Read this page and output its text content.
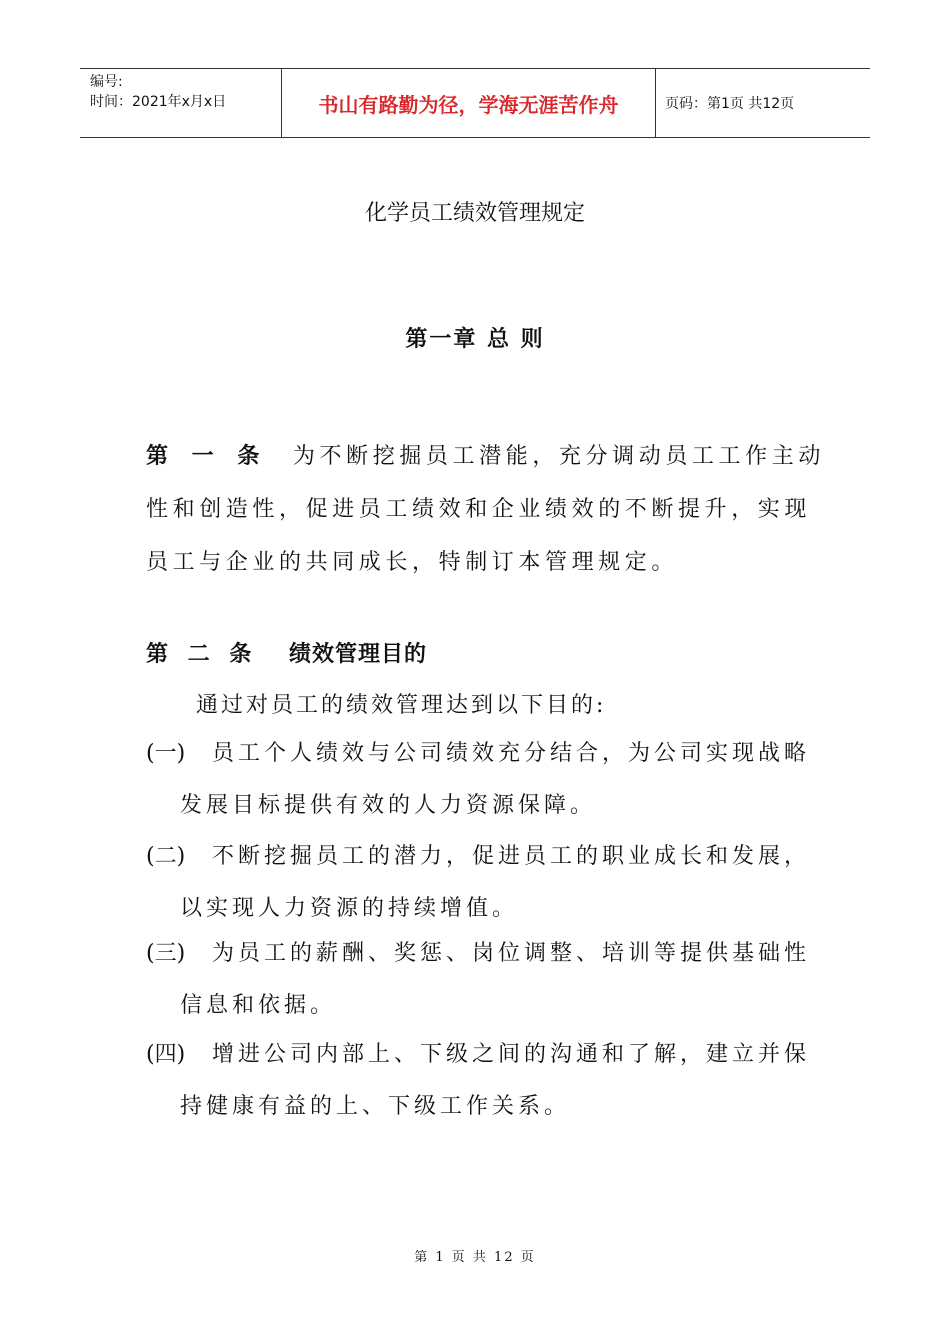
编号:
时间：2021年x月x日	书山有路勤为径，学海无涯苦作舟	页码：第1页 共12页
化学员工绩效管理规定
第一章 总 则
第 一 条 为不断挖掘员工潜能，充分调动员工工作主动
性和创造性，促进员工绩效和企业绩效的不断提升，实现
员工与企业的共同成长，特制订本管理规定。
第 二 条 绩效管理目的
通过对员工的绩效管理达到以下目的:
(一) 员工个人绩效与公司绩效充分结合，为公司实现战略
发展目标提供有效的人力资源保障。
(二) 不断挖掘员工的潜力，促进员工的职业成长和发展，
以实现人力资源的持续增值。
(三) 为员工的薪酬、奖惩、岗位调整、培训等提供基础性
信息和依据。
(四) 增进公司内部上、下级之间的沟通和了解，建立并保
持健康有益的上、下级工作关系。
第 1 页 共 12 页
